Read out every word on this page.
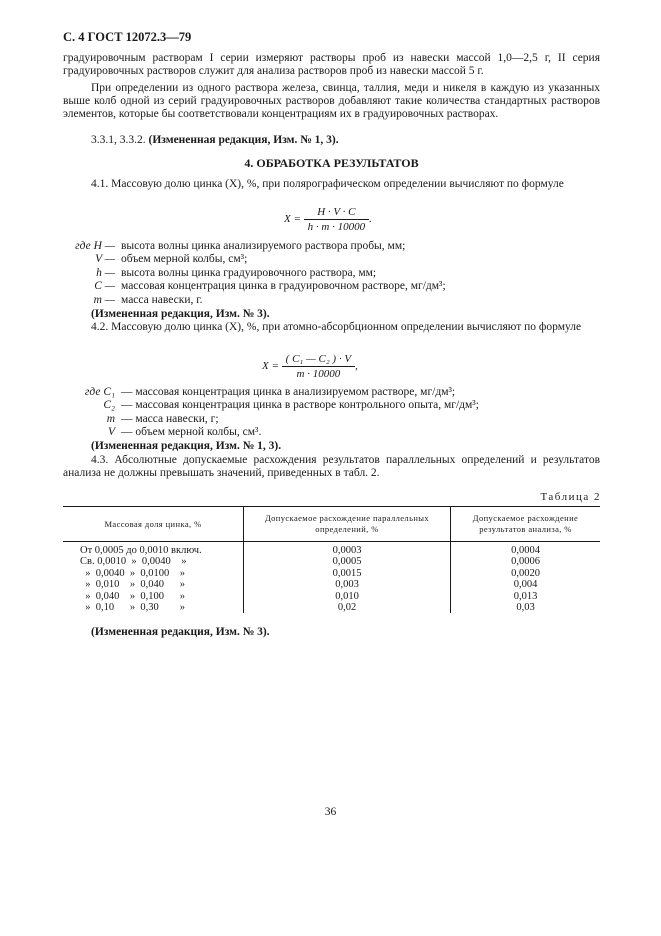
С. 4 ГОСТ 12072.3—79
градуировочным растворам I серии измеряют растворы проб из навески массой 1,0—2,5 г, II серия градуировочных растворов служит для анализа растворов проб из навески массой 5 г.
При определении из одного раствора железа, свинца, таллия, меди и никеля в каждую из указанных выше колб одной из серий градуировочных растворов добавляют такие количества стандартных растворов элементов, которые бы соответствовали концентрациям их в градуировочных растворах.
3.3.1, 3.3.2. (Измененная редакция, Изм. № 1, 3).
4. ОБРАБОТКА РЕЗУЛЬТАТОВ
4.1. Массовую долю цинка (X), %, при полярографическом определении вычисляют по формуле
$X = \frac{H \cdot V \cdot C}{h \cdot m \cdot 10000}$ .
где H — высота волны цинка анализируемого раствора пробы, мм;
V — объем мерной колбы, см³;
h — высота волны цинка градуировочного раствора, мм;
C — массовая концентрация цинка в градуировочном растворе, мг/дм³;
m — масса навески, г.
(Измененная редакция, Изм. № 3).
4.2. Массовую долю цинка (X), %, при атомно-абсорбционном определении вычисляют по формуле
$X = \frac{\text{( C₁ — C₂ ) · V}}{m \cdot 10000}$ ,
где C₁ — массовая концентрация цинка в анализируемом растворе, мг/дм³;
C₂ — массовая концентрация цинка в растворе контрольного опыта, мг/дм³;
m — масса навески, г;
V — объем мерной колбы, см³.
(Измененная редакция, Изм. № 1, 3).
4.3. Абсолютные допускаемые расхождения результатов параллельных определений и результатов анализа не должны превышать значений, приведенных в табл. 2.
Таблица 2
Массовая доля цинка, %	Допускаемое расхождение параллельных определений, %	Допускаемое расхождение результатов анализа, %
От 0,0005 до 0,0010 включ.	0,0003	0,0004
Св. 0,0010  »  0,0040    »	0,0005	0,0006
»  0,0040  »  0,0100    »	0,0015	0,0020
»  0,010    »  0,040      »	0,003	0,004
»  0,040    »  0,100      »	0,010	0,013
»  0,10      »  0,30        »	0,02	0,03
(Измененная редакция, Изм. № 3).
36
